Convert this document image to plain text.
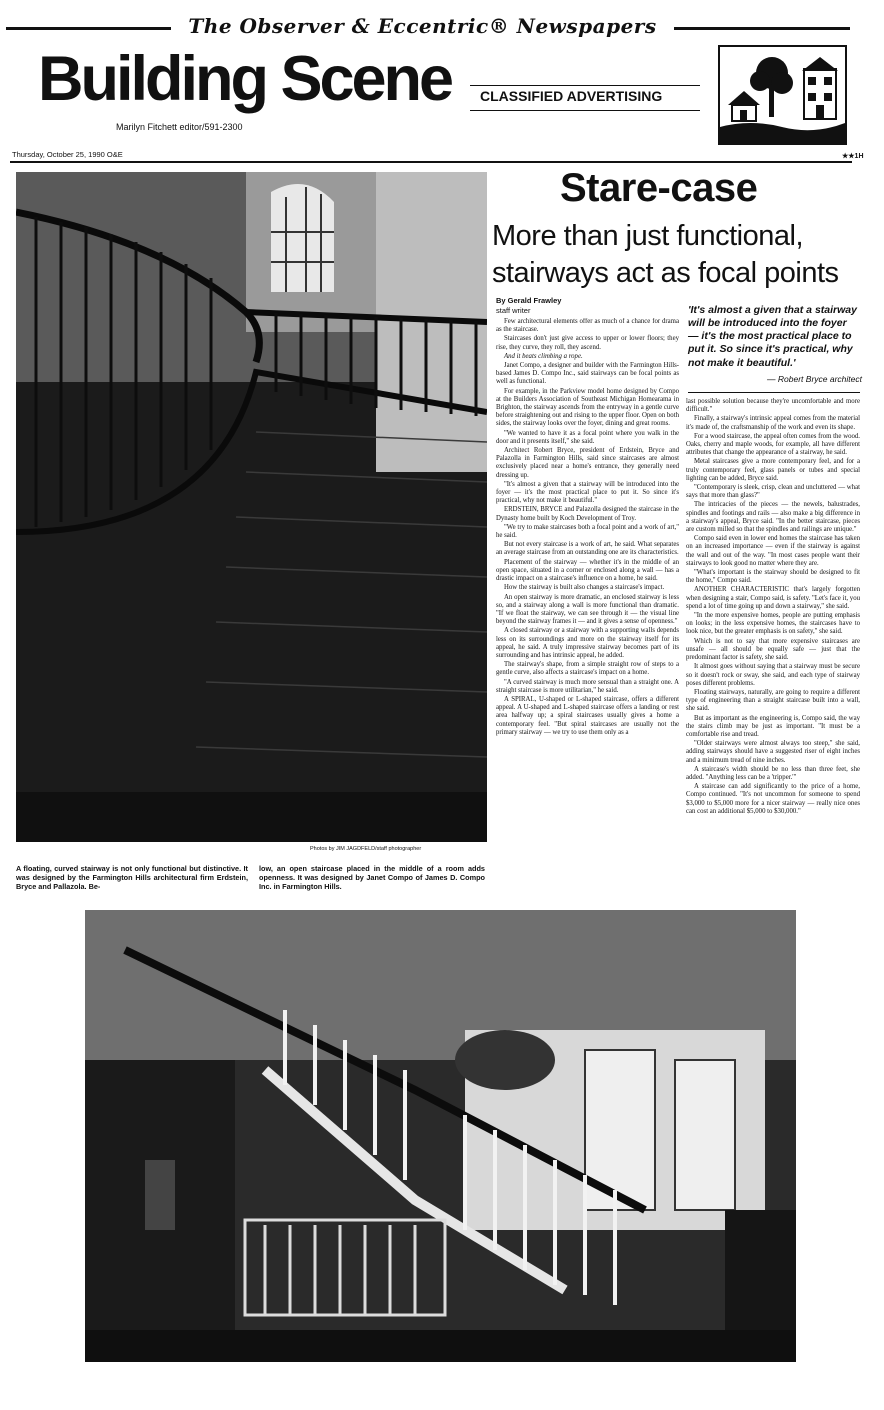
The Observer & Eccentric® Newspapers
Building Scene CLASSIFIED ADVERTISING
Marilyn Fitchett editor/591-2300
Thursday, October 25, 1990 O&E	★★1H
Photos by JIM JAGDFELD/staff photographer
Stare-case
More than just functional,
stairways act as focal points
By Gerald Frawley
staff writer	'It's almost a given that a stairway will be introduced into the foyer — it's the most practical place to put it. So since it's practical, why not make it beautiful.'
— Robert Bryce architect

Few architectural elements offer as much of a chance for drama as the staircase.

Staircases don't just give access to upper or lower floors; they rise, they curve, they roll, they ascend.

And it beats climbing a rope.

Janet Compo, a designer and builder with the Farmington Hills-based James D. Compo Inc., said stairways can be focal points as well as functional.

For example, in the Parkview model home designed by Compo at the Builders Association of Southeast Michigan Homearama in Brighton, the stairway ascends from the entryway in a gentle curve before straightening out and rising to the upper floor. Open on both sides, the stairway looks over the foyer, dining and great rooms.

"We wanted to have it as a focal point where you walk in the door and it presents itself," she said.

Architect Robert Bryce, president of Erdstein, Bryce and Palazolla in Farmington Hills, said since staircases are almost exclusively placed near a home's entrance, they generally need dressing up.

"It's almost a given that a stairway will be introduced into the foyer — it's the most practical place to put it. So since it's practical, why not make it beautiful."

ERDSTEIN, BRYCE and Palazolla designed the staircase in the Dynasty home built by Koch Development of Troy.

"We try to make staircases both a focal point and a work of art," he said.

But not every staircase is a work of art, he said. What separates an average staircase from an outstanding one are its characteristics.

Placement of the stairway — whether it's in the middle of an open space, situated in a corner or enclosed along a wall — has a drastic impact on a staircase's influence on a home, he said.

How the stairway is built also changes a staircase's impact.

An open stairway is more dramatic, an enclosed stairway is less so, and a stairway along a wall is more functional than dramatic. "If we float the stairway, we can see through it — the visual line beyond the stairway frames it — and it gives a sense of openness."

A closed stairway or a stairway with a supporting walls depends less on its surroundings and more on the stairway itself for its appeal, he said. A truly impressive stairway becomes part of its surrounding and has intrinsic appeal, he added.

The stairway's shape, from a simple straight row of steps to a gentle curve, also affects a staircase's impact on a home.

"A curved stairway is much more sensual than a straight one. A straight staircase is more utilitarian," he said.

A SPIRAL, U-shaped or L-shaped staircase, offers a different appeal. A U-shaped and L-shaped staircase offers a landing or rest area halfway up; a spiral staircases usually gives a home a contemporary feel. "But spiral staircases are usually not the primary stairway — we try to use them only as a

last possible solution because they're uncomfortable and more difficult."

Finally, a stairway's intrinsic appeal comes from the material it's made of, the craftsmanship of the work and even its shape.

For a wood staircase, the appeal often comes from the wood. Oaks, cherry and maple woods, for example, all have different attributes that change the appearance of a stairway, he said.

Metal staircases give a more contemporary feel, and for a truly contemporary feel, glass panels or tubes and special lighting can be added, Bryce said.

"Contemporary is sleek, crisp, clean and uncluttered — what says that more than glass?"

The intricacies of the pieces — the newels, balustrades, spindles and footings and rails — also make a big difference in a stairway's appeal, Bryce said. "In the better staircase, pieces are custom milled so that the spindles and railings are unique."

Compo said even in lower end homes the staircase has taken on an increased importance — even if the stairway is against the wall and out of the way. "In most cases people want their stairways to look good no matter where they are.

"What's important is the stairway should be designed to fit the home," Compo said.

ANOTHER CHARACTERISTIC that's largely forgotten when designing a stair, Compo said, is safety. "Let's face it, you spend a lot of time going up and down a stairway," she said.

"In the more expensive homes, people are putting emphasis on looks; in the less expensive homes, the staircases have to look nice, but the greater emphasis is on safety," she said.

Which is not to say that more expensive staircases are unsafe — all should be equally safe — just that the predominant factor is safety, she said.

It almost goes without saying that a stairway must be secure so it doesn't rock or sway, she said, and each type of stairway poses different problems.

Floating stairways, naturally, are going to require a different type of engineering than a straight staircase built into a wall, she said.

But as important as the engineering is, Compo said, the way the stairs climb may be just as important. "It must be a comfortable rise and tread.

"Older stairways were almost always too steep," she said, adding stairways should have a suggested riser of eight inches and a minimum tread of nine inches.

A staircase's width should be no less than three feet, she added. "Anything less can be a 'tripper.'"

A staircase can add significantly to the price of a home, Compo continued. "It's not uncommon for someone to spend $3,000 to $5,000 more for a nicer stairway — really nice ones can cost an additional $5,000 to $30,000."

A floating, curved stairway is not only functional but distinctive. It was designed by the Farmington Hills architectural firm Erdstein, Bryce and Pallazola. Be-
low, an open staircase placed in the middle of a room adds openness. It was designed by Janet Compo of James D. Compo Inc. in Farmington Hills.
